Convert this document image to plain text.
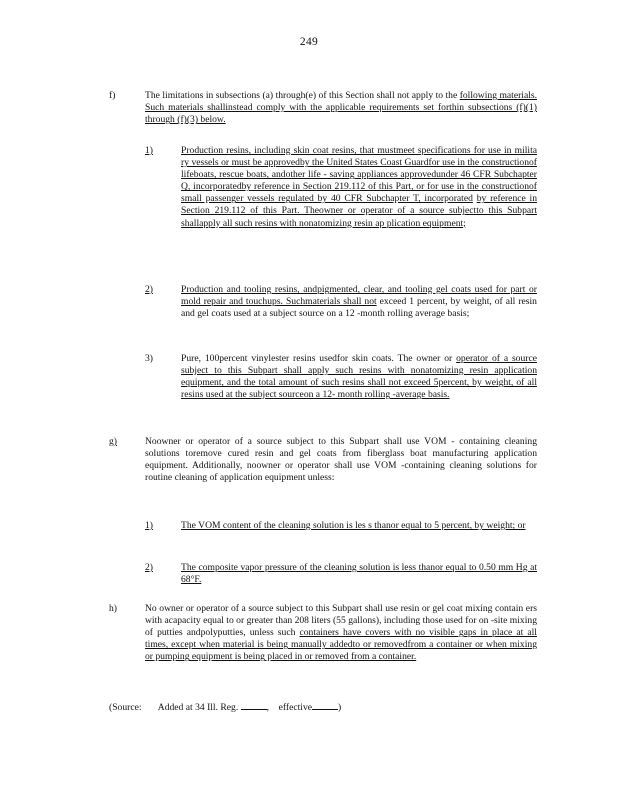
249
f)	The limitations in subsections (a) through(e) of this Section shall not apply to the following materials. Such materials shallinstead comply with the applicable requirements set forthin subsections (f)(1) through (f)(3) below.
1)	Production resins, including skin coat resins, that mustmeet specifications for use in milita ry vessels or must be approvedby the United States Coast Guardfor use in the constructionof lifeboats, rescue boats, andother life - saving appliances approvedunder 46 CFR Subchapter Q, incorporatedby reference in Section 219.112 of this Part, or for use in the constructionof small passenger vessels regulated by 40 CFR Subchapter T, incorporated by reference in Section 219.112 of this Part. Theowner or operator of a source subjectto this Subpart shallapply all such resins with nonatomizing resin ap plication equipment;
2)	Production and tooling resins, andpigmented, clear, and tooling gel coats used for part or mold repair and touchups. Suchmaterials shall not exceed 1 percent, by weight, of all resin and gel coats used at a subject source on a 12 -month rolling average basis;
3)	Pure, 100percent vinylester resins usedfor skin coats. The owner or operator of a source subject to this Subpart shall apply such resins with nonatomizing resin application equipment, and the total amount of such resins shall not exceed 5percent, by weight, of all resins used at the subject sourceon a 12- month rolling -average basis.
g)	Noowner or operator of a source subject to this Subpart shall use VOM - containing cleaning solutions toremove cured resin and gel coats from fiberglass boat manufacturing application equipment. Additionally, noowner or operator shall use VOM -containing cleaning solutions for routine cleaning of application equipment unless:
1)	The VOM content of the cleaning solution is les s thanor equal to 5 percent, by weight; or
2)	The composite vapor pressure of the cleaning solution is less thanor equal to 0.50 mm Hg at 68°F.
h)	No owner or operator of a source subject to this Subpart shall use resin or gel coat mixing contain ers with acapacity equal to or greater than 208 liters (55 gallons), including those used for on -site mixing of putties andpolyputties, unless such containers have covers with no visible gaps in place at all times, except when material is being manually addedto or removedfrom a container or when mixing or pumping equipment is being placed in or removed from a container.
(Source: Added at 34 Ill. Reg.	, effective	)
